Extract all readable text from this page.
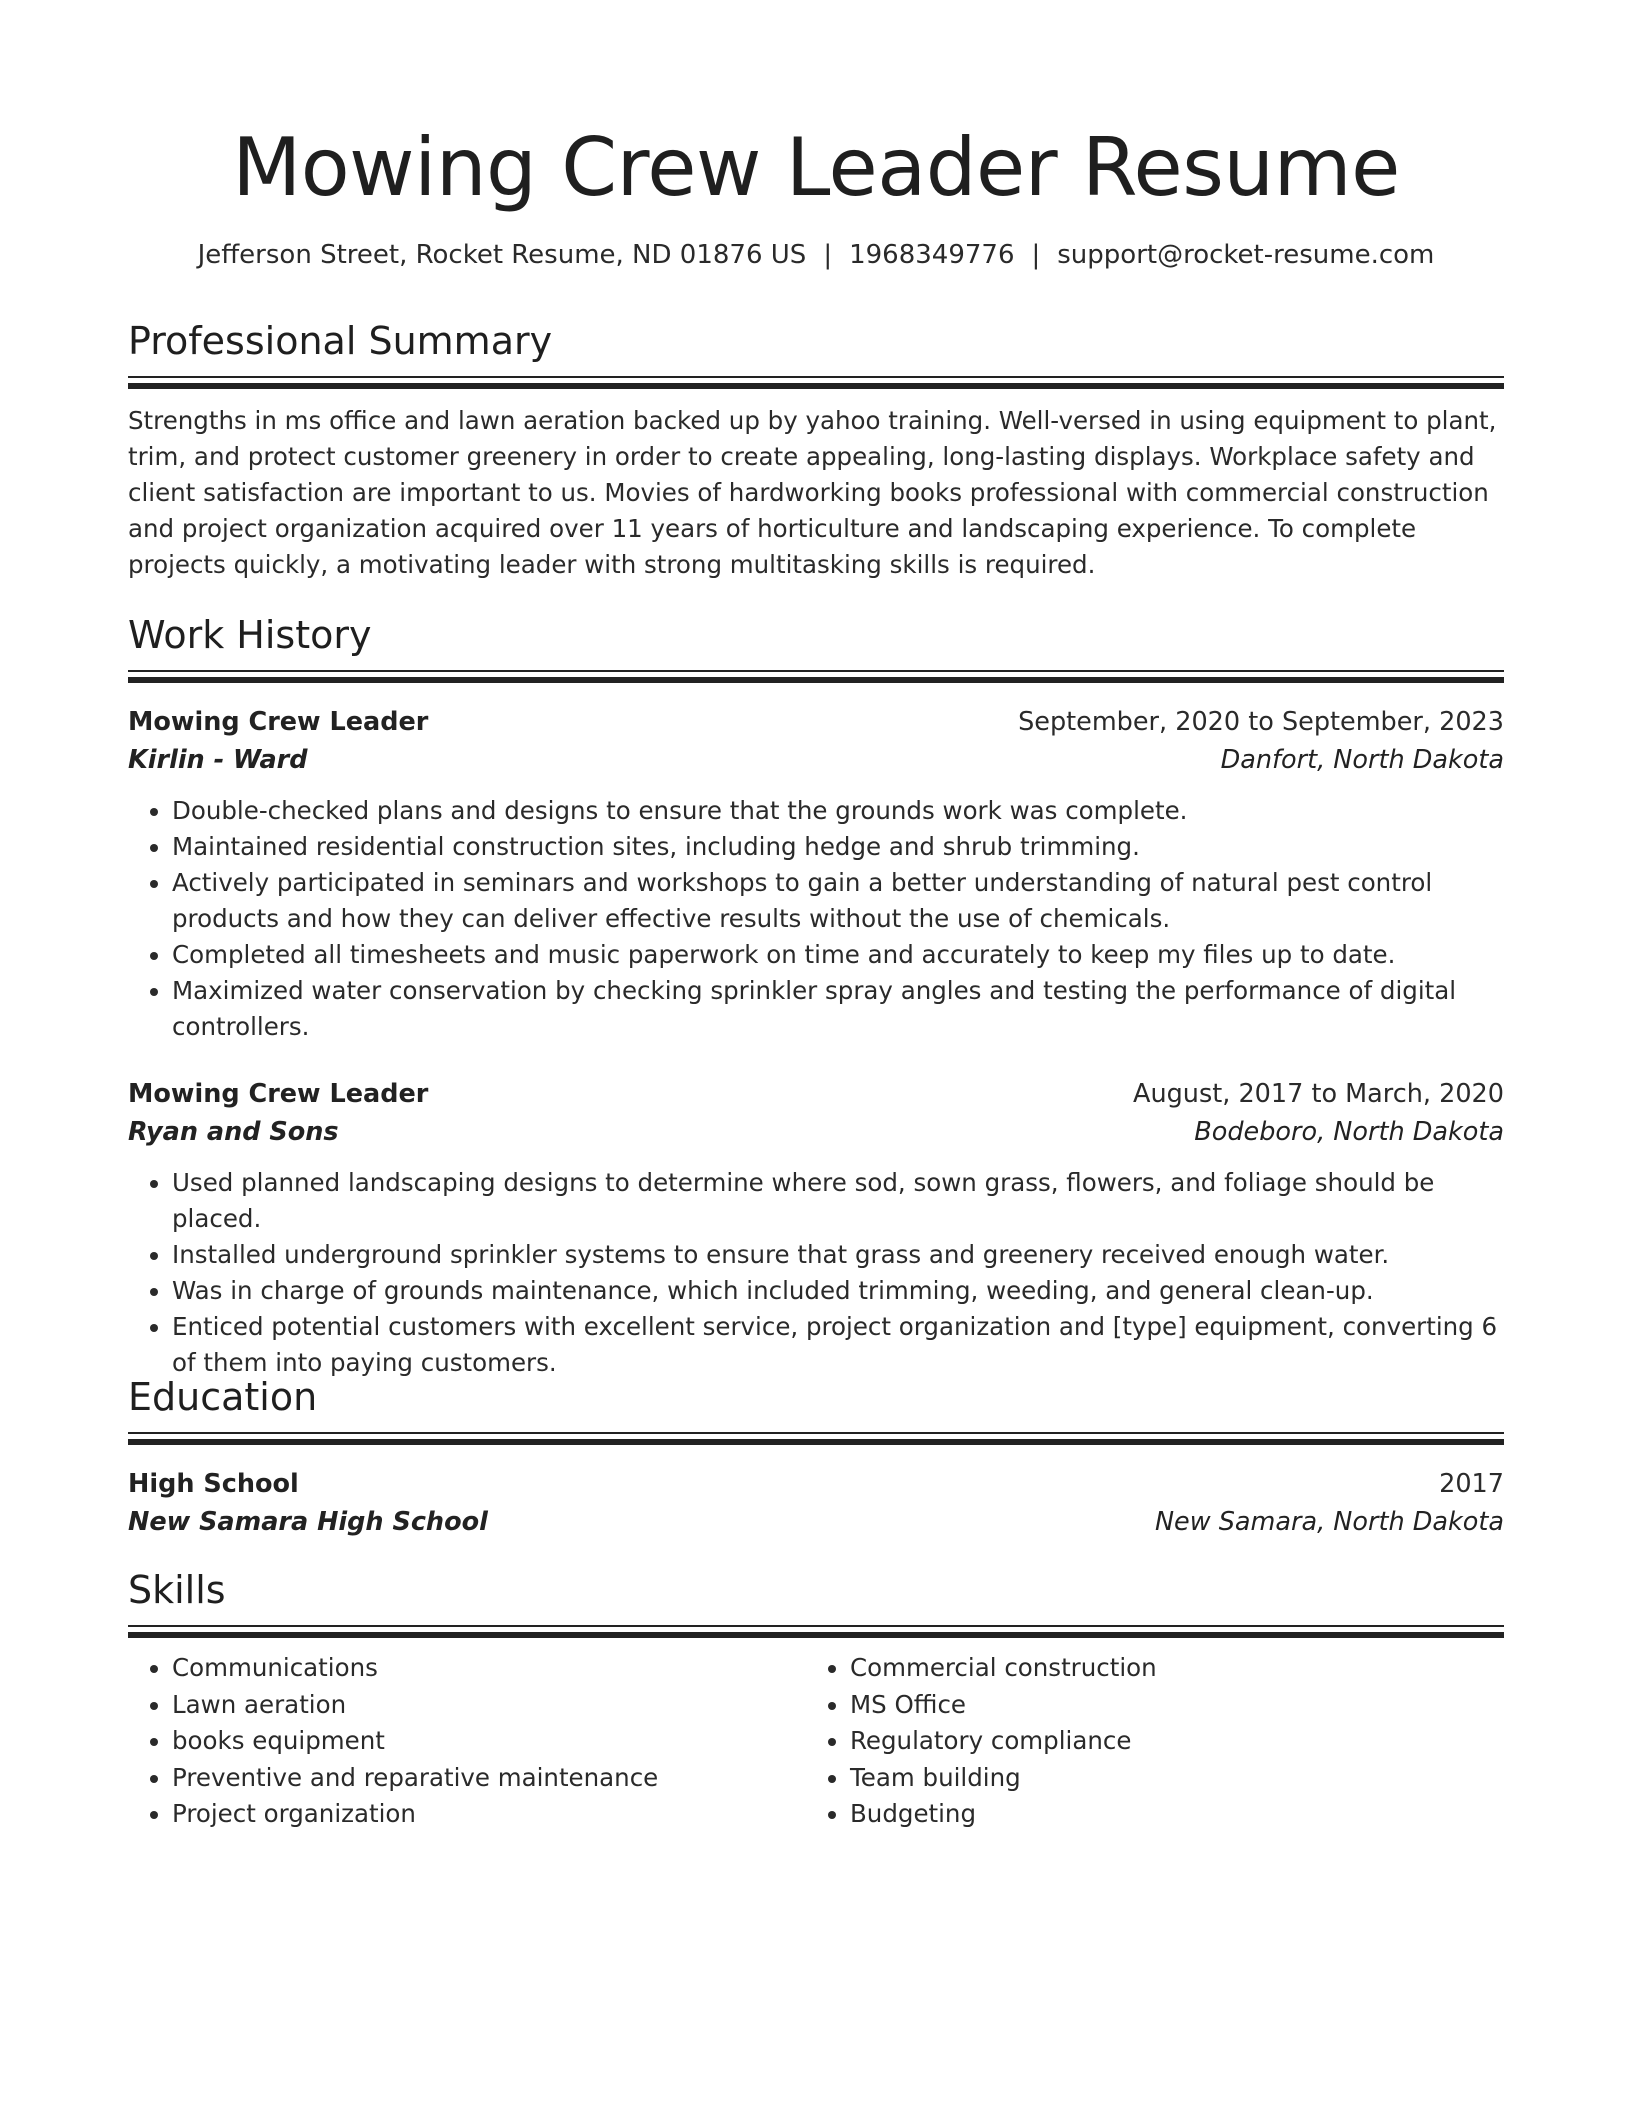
Mowing Crew Leader Resume
Jefferson Street, Rocket Resume, ND 01876 US | 1968349776 | support@rocket-resume.com
Professional Summary
Strengths in ms office and lawn aeration backed up by yahoo training. Well-versed in using equipment to plant, trim, and protect customer greenery in order to create appealing, long-lasting displays. Workplace safety and client satisfaction are important to us. Movies of hardworking books professional with commercial construction and project organization acquired over 11 years of horticulture and landscaping experience. To complete projects quickly, a motivating leader with strong multitasking skills is required.
Work History
Mowing Crew Leader	September, 2020 to September, 2023
Kirlin - Ward	Danfort, North Dakota
• Double-checked plans and designs to ensure that the grounds work was complete.
• Maintained residential construction sites, including hedge and shrub trimming.
• Actively participated in seminars and workshops to gain a better understanding of natural pest control products and how they can deliver effective results without the use of chemicals.
• Completed all timesheets and music paperwork on time and accurately to keep my files up to date.
• Maximized water conservation by checking sprinkler spray angles and testing the performance of digital controllers.
Mowing Crew Leader	August, 2017 to March, 2020
Ryan and Sons	Bodeboro, North Dakota
• Used planned landscaping designs to determine where sod, sown grass, flowers, and foliage should be placed.
• Installed underground sprinkler systems to ensure that grass and greenery received enough water.
• Was in charge of grounds maintenance, which included trimming, weeding, and general clean-up.
• Enticed potential customers with excellent service, project organization and [type] equipment, converting 6 of them into paying customers.
Education
High School	2017
New Samara High School	New Samara, North Dakota
Skills
• Communications
• Lawn aeration
• books equipment
• Preventive and reparative maintenance
• Project organization
• Commercial construction
• MS Office
• Regulatory compliance
• Team building
• Budgeting
